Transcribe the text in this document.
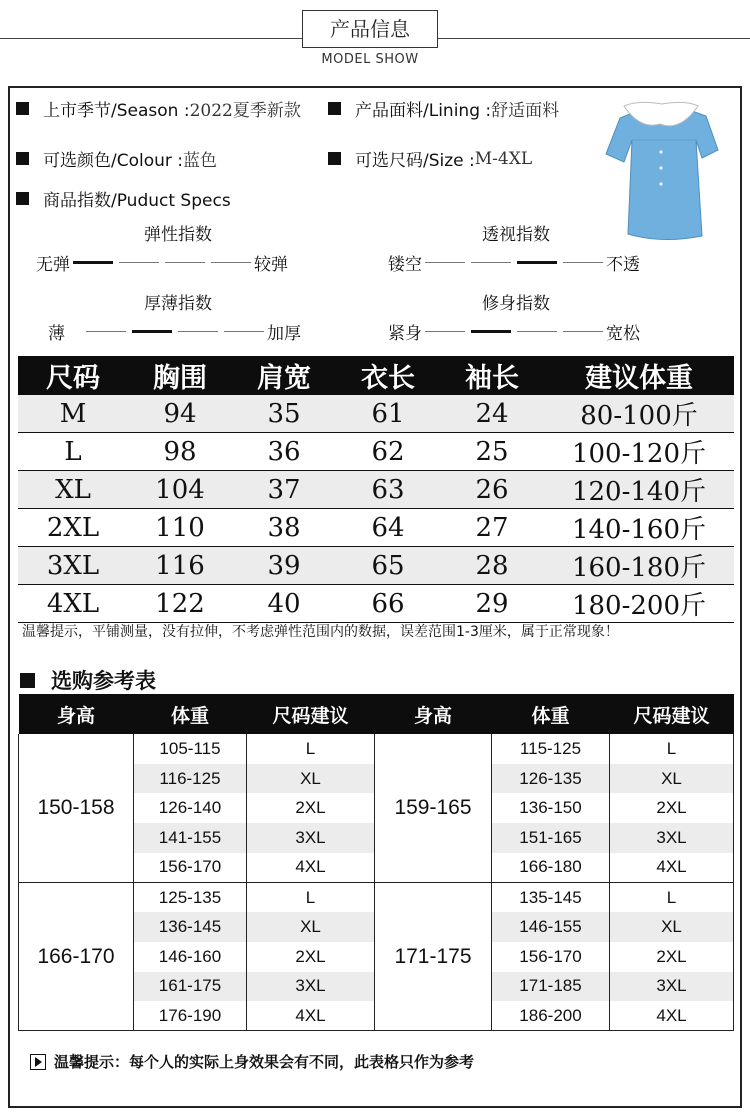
产品信息
MODEL SHOW
上市季节/Season : 2022夏季新款	产品面料/Lining : 舒适面料
可选颜色/Colour : 蓝色	可选尺码/Size : M-4XL
商品指数/Puduct Specs
弹性指数
无弹	较弹
透视指数
镂空	不透
厚薄指数
薄	加厚
修身指数
紧身	宽松
尺码	胸围	肩宽	衣长	袖长	建议体重
M	94	35	61	24	80-100斤
L	98	36	62	25	100-120斤
XL	104	37	63	26	120-140斤
2XL	110	38	64	27	140-160斤
3XL	116	39	65	28	160-180斤
4XL	122	40	66	29	180-200斤
温馨提示，平铺测量，没有拉伸，不考虑弹性范围内的数据，误差范围1-3厘米，属于正常现象！
选购参考表
身高	体重	尺码建议	身高	体重	尺码建议
150-158	105-115	L	159-165	115-125	L
	116-125	XL		126-135	XL
	126-140	2XL		136-150	2XL
	141-155	3XL		151-165	3XL
	156-170	4XL		166-180	4XL
166-170	125-135	L	171-175	135-145	L
	136-145	XL		146-155	XL
	146-160	2XL		156-170	2XL
	161-175	3XL		171-185	3XL
	176-190	4XL		186-200	4XL
温馨提示：每个人的实际上身效果会有不同，此表格只作为参考
